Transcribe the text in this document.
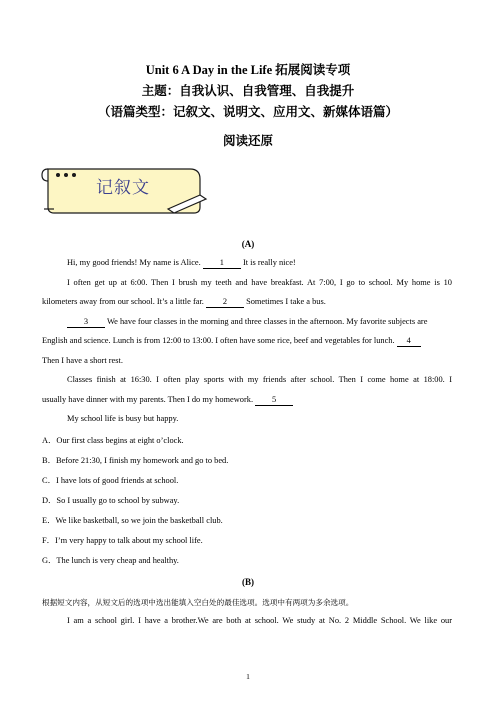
Unit 6 A Day in the Life 拓展阅读专项
主题：自我认识、自我管理、自我提升
（语篇类型：记叙文、说明文、应用文、新媒体语篇）
阅读还原
记叙文
(A)
Hi, my good friends! My name is Alice. 1 It is really nice!
I often get up at 6:00. Then I brush my teeth and have breakfast. At 7:00, I go to school. My home is 10
kilometers away from our school. It’s a little far. 2 Sometimes I take a bus.
3 We have four classes in the morning and three classes in the afternoon. My favorite subjects are
English and science. Lunch is from 12:00 to 13:00. I often have some rice, beef and vegetables for lunch. 4
Then I have a short rest.
Classes finish at 16:30. I often play sports with my friends after school. Then I come home at 18:00. I
usually have dinner with my parents. Then I do my homework. 5
My school life is busy but happy.
A．Our first class begins at eight o’clock.
B．Before 21:30, I finish my homework and go to bed.
C．I have lots of good friends at school.
D．So I usually go to school by subway.
E．We like basketball, so we join the basketball club.
F．I’m very happy to talk about my school life.
G．The lunch is very cheap and healthy.
(B)
根据短文内容，从短文后的选项中选出能填入空白处的最佳选项。选项中有两项为多余选项。
I am a school girl. I have a brother.We are both at school. We study at No. 2 Middle School. We like our
1
